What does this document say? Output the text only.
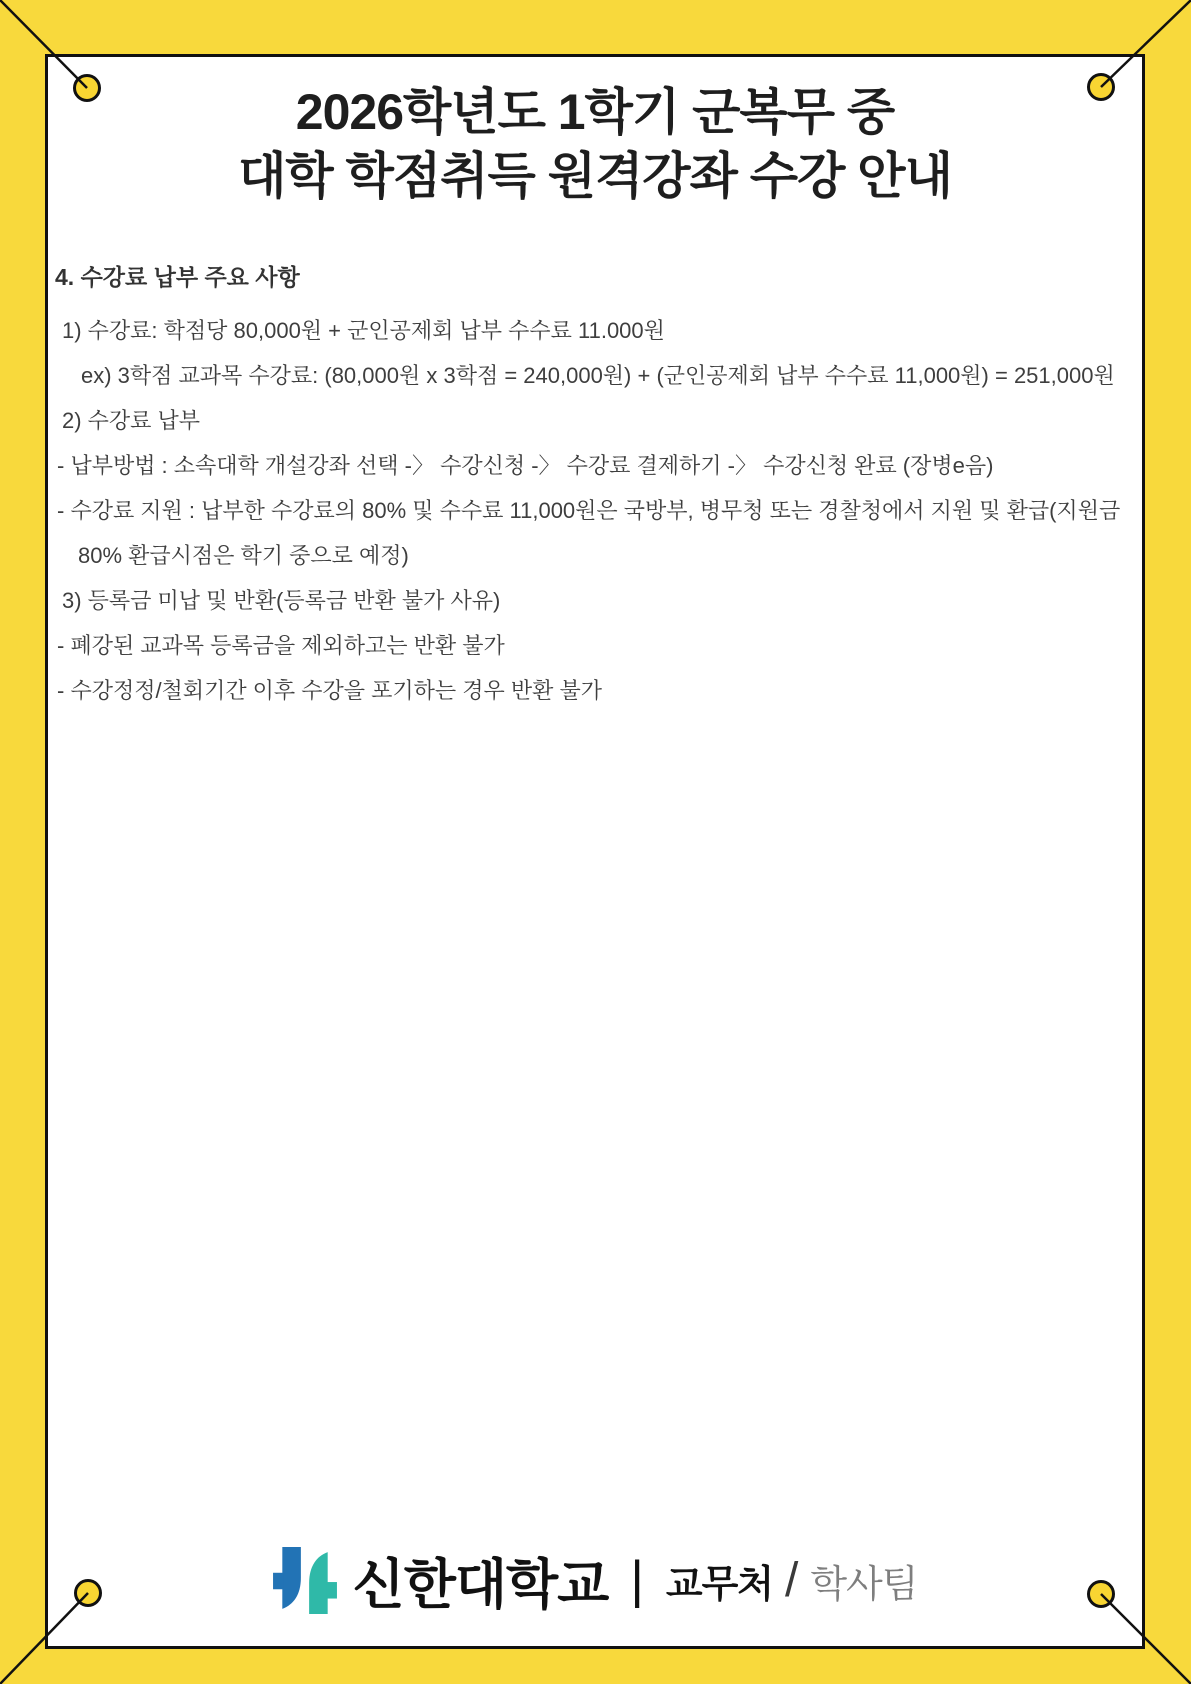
2026학년도 1학기 군복무 중
대학 학점취득 원격강좌 수강 안내
4. 수강료 납부 주요 사항
1) 수강료: 학점당 80,000원 + 군인공제회 납부 수수료 11.000원
ex) 3학점 교과목 수강료: (80,000원 x 3학점 = 240,000원) + (군인공제회 납부 수수료 11,000원) = 251,000원
2) 수강료 납부
- 납부방법 : 소속대학 개설강좌 선택 -〉 수강신청 -〉 수강료 결제하기 -〉 수강신청 완료 (장병e음)
- 수강료 지원 : 납부한 수강료의 80% 및 수수료 11,000원은 국방부, 병무청 또는 경찰청에서 지원 및 환급(지원금
80% 환급시점은 학기 중으로 예정)
3) 등록금 미납 및 반환(등록금 반환 불가 사유)
- 폐강된 교과목 등록금을 제외하고는 반환 불가
- 수강정정/철회기간 이후 수강을 포기하는 경우 반환 불가
신한대학교 | 교무처 / 학사팀
